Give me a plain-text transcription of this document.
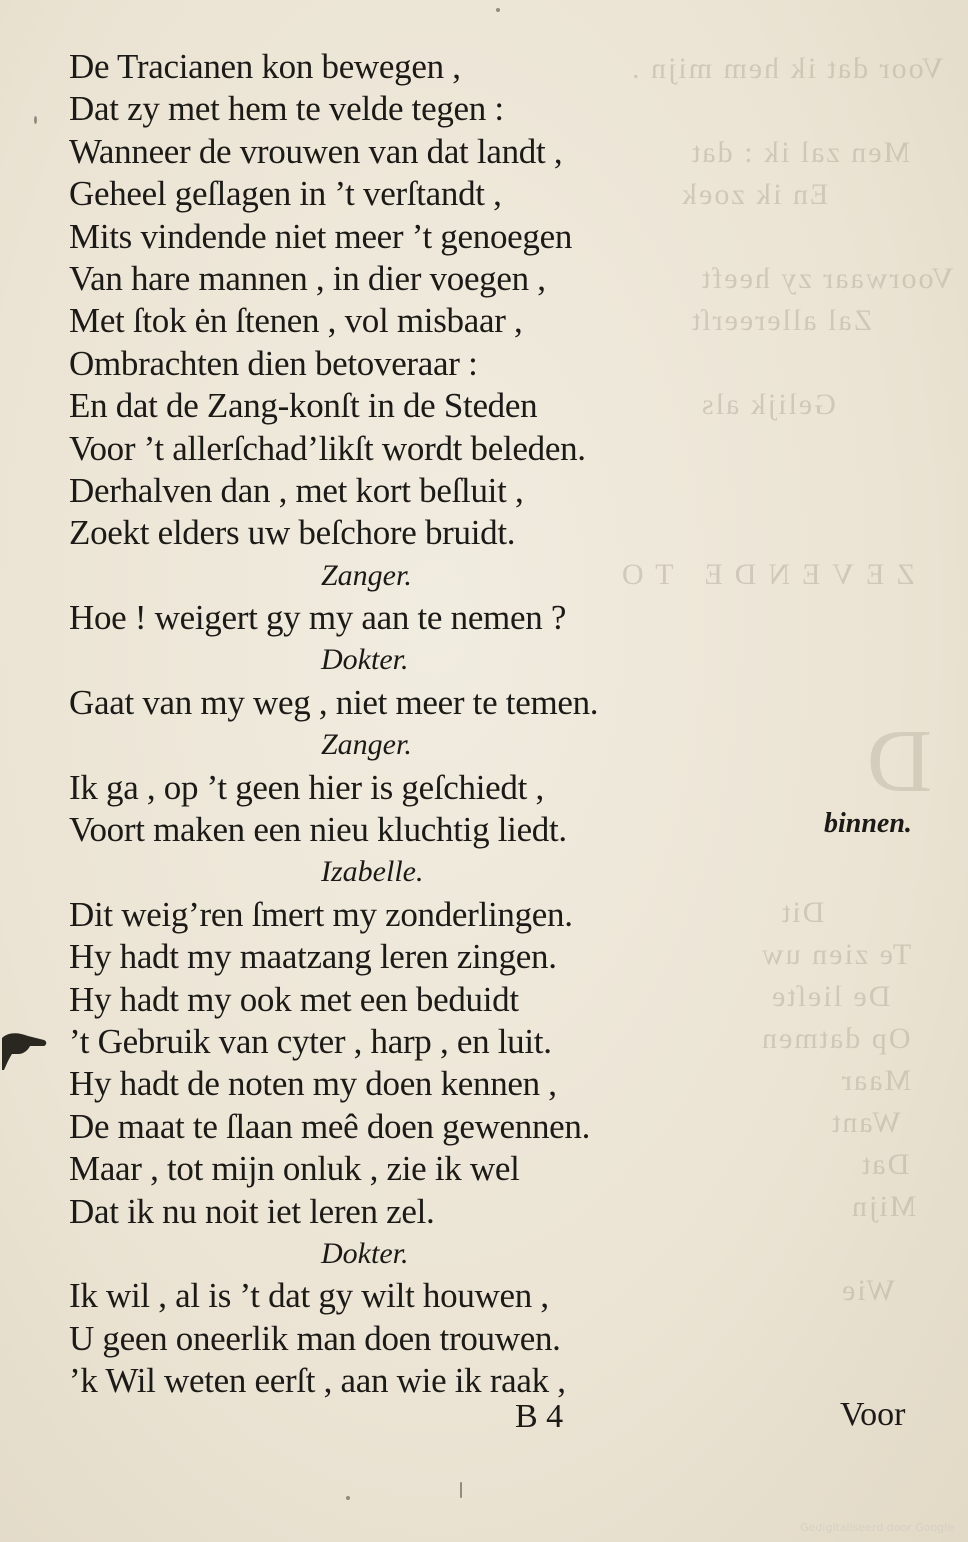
Voor dat ik hem mijn .
Men zal ik : dat
En ik zoek
Voorwaar zy heeft
Zal allereerſt
Gelijk als
ZEVENDE TO
D
Dit
Te zien uw
De lieſte
Op datmen
Maar
Want
Dat
Mijn
Wie
De Tracianen kon bewegen ,
Dat zy met hem te velde tegen :
Wanneer de vrouwen van dat landt ,
Geheel geſlagen in ’t verſtandt ,
Mits vindende niet meer ’t genoegen
Van hare mannen , in dier voegen ,
Met ſtok ėn ſtenen , vol misbaar ,
Ombrachten dien betoveraar :
En dat de Zang-konſt in de Steden
Voor ’t allerſchad’likſt wordt beleden.
Derhalven dan , met kort beſluit ,
Zoekt elders uw beſchore bruidt.
Zanger.
Hoe ! weigert gy my aan te nemen ?
Dokter.
Gaat van my weg , niet meer te temen.
Zanger.
Ik ga , op ’t geen hier is geſchiedt ,
Voort maken een nieu kluchtig liedt.
Izabelle.
Dit weig’ren ſmert my zonderlingen.
Hy hadt my maatzang leren zingen.
Hy hadt my ook met een beduidt
’t Gebruik van cyter , harp , en luit.
Hy hadt de noten my doen kennen ,
De maat te ſlaan meê doen gewennen.
Maar , tot mijn onluk , zie ik wel
Dat ik nu noit iet leren zel.
Dokter.
Ik wil , al is ’t dat gy wilt houwen ,
U geen oneerlik man doen trouwen.
’k Wil weten eerſt , aan wie ik raak ,
binnen.
B 4	Voor
Gedigitaliseerd door Google
